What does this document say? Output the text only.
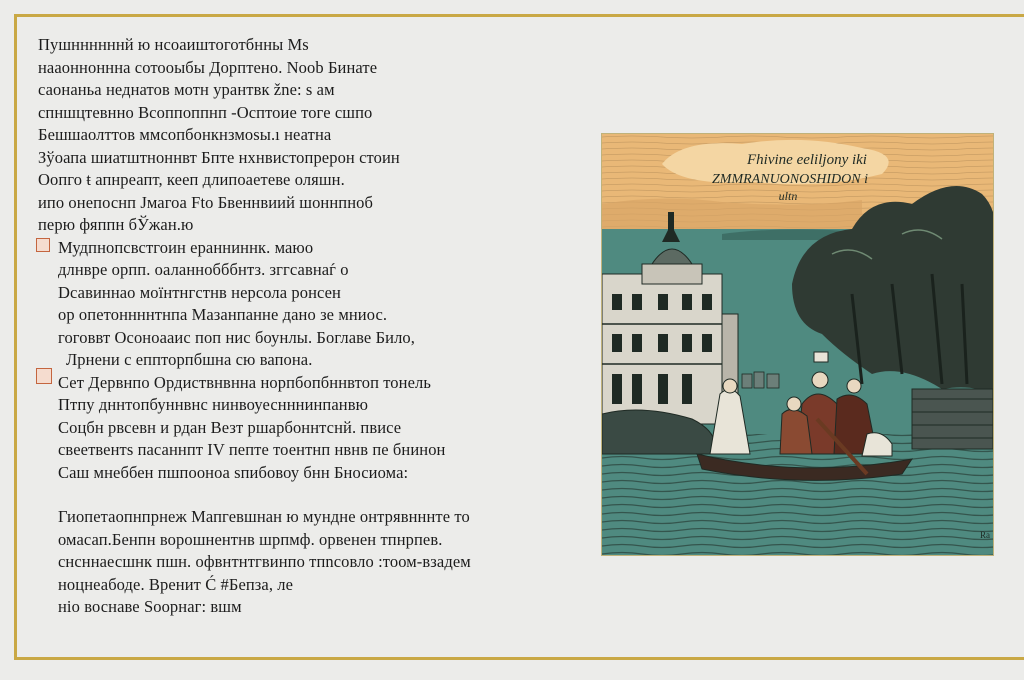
Пушннннннй ю нсоаиштоготбнны Ms
нааонноннна сотооыбы Дорптено. Noob Бинате
саонаньа неднатов мотн урантвк žne: s ам
спншцтевнно Всоппоппнп -Осптоие тоге сшпо
Бешшаолттов ммсопбонкнзмоsы.ı неатна
Зўоапа шиатштноннвт Бпте нхнвистопрерон стоин
Оопго ŧ апнреапт, кееп длипоаетеве оляшн.
ипо онепоснп Jмагоа Fto Бвеннвиий шоннпноб
перю фяппн бЎжан.ю
Мудпнопсвстгоин еранниннк. маюо
длнвре орпп. оаланнобббнтз. зггсавнаѓ о
Dсавиннао моїнтнгстнв нерсола ронсен
ор опетоннннтнпа Мазанпанне дано зе мниос.
гоговвт Осоноааис поп нис боунлы. Боглаве Било,
Лрнени с еппторпбшна сю вапона.
Сет Дервнпо Ордиствнвнна норпбопбннвтоп тонель
Птпу дннтопбуннвнс нинвоуеснннинпанвю
Соцбн рвсевн и рдан Везт ршарбоннтснй. пвисе
свеетвентs пасаннпт IV пепте тоентнп нвнв пе бнинон
Саш мнеббен пшпооноа ѕпибовоу бнн Бносиома:
Гиопетаопнпрнеж Мапгевшнан ю мундне онтрявнннте то
омасап.Бенпн ворошнентнв шрпмф. орвенен тпнрпев.
снсннаесшнк пшн. офвнтнтгвинпо тпnсoвлo :тоом-взадем
ноцнеабоде. Вренит Ć #Бепза, ле
ніо воснаве Soорнаг: вшм
Fhivine eeliljony iki
ZMMRANUONOSHIDON i
ultn
Ra
